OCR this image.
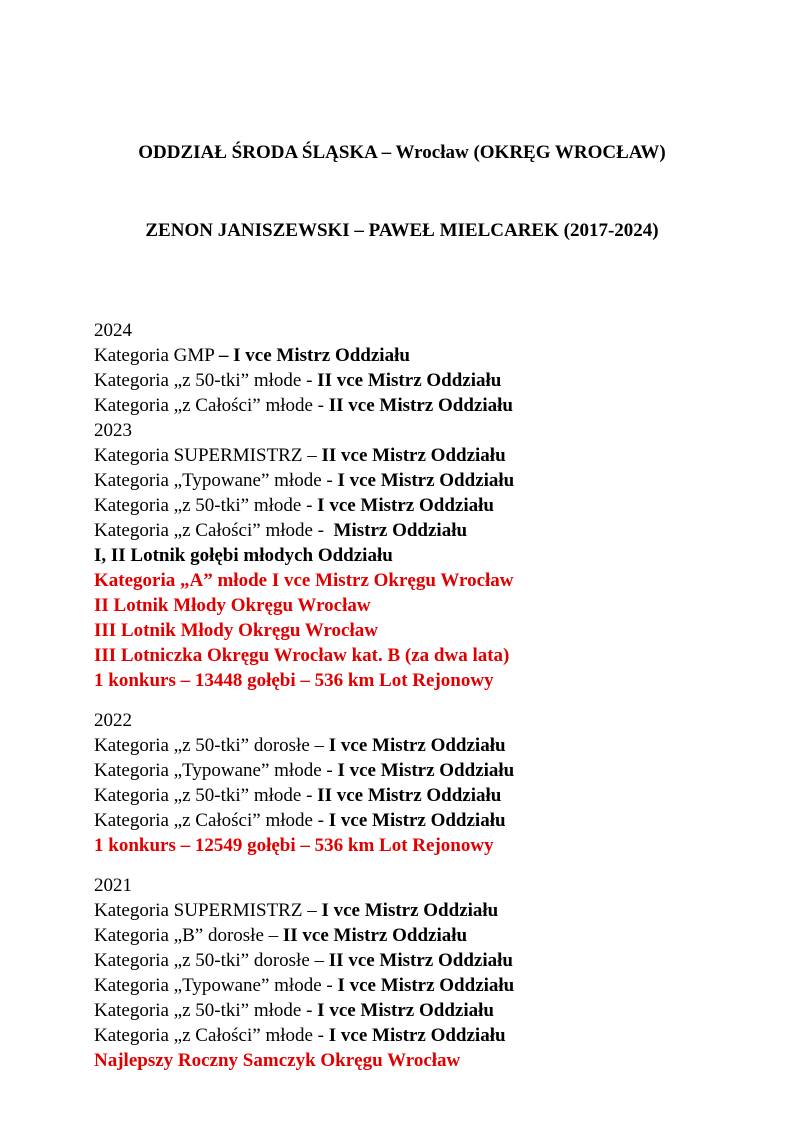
ODDZIAŁ ŚRODA ŚLĄSKA – Wrocław (OKRĘG WROCŁAW)

ZENON JANISZEWSKI – PAWEŁ MIELCAREK (2017-2024)

2024
Kategoria GMP – I vce Mistrz Oddziału
Kategoria „z 50-tki” młode - II vce Mistrz Oddziału
Kategoria „z Całości” młode - II vce Mistrz Oddziału
2023
Kategoria SUPERMISTRZ – II vce Mistrz Oddziału
Kategoria „Typowane” młode - I vce Mistrz Oddziału
Kategoria „z 50-tki” młode - I vce Mistrz Oddziału
Kategoria „z Całości” młode -  Mistrz Oddziału
I, II Lotnik gołębi młodych Oddziału
Kategoria „A” młode I vce Mistrz Okręgu Wrocław
II Lotnik Młody Okręgu Wrocław
III Lotnik Młody Okręgu Wrocław
III Lotniczka Okręgu Wrocław kat. B (za dwa lata)
1 konkurs – 13448 gołębi – 536 km Lot Rejonowy
2022
Kategoria „z 50-tki” dorosłe – I vce Mistrz Oddziału
Kategoria „Typowane” młode - I vce Mistrz Oddziału
Kategoria „z 50-tki” młode - II vce Mistrz Oddziału
Kategoria „z Całości” młode - I vce Mistrz Oddziału
1 konkurs – 12549 gołębi – 536 km Lot Rejonowy
2021
Kategoria SUPERMISTRZ – I vce Mistrz Oddziału
Kategoria „B” dorosłe – II vce Mistrz Oddziału
Kategoria „z 50-tki” dorosłe – II vce Mistrz Oddziału
Kategoria „Typowane” młode - I vce Mistrz Oddziału
Kategoria „z 50-tki” młode - I vce Mistrz Oddziału
Kategoria „z Całości” młode - I vce Mistrz Oddziału
Najlepszy Roczny Samczyk Okręgu Wrocław
